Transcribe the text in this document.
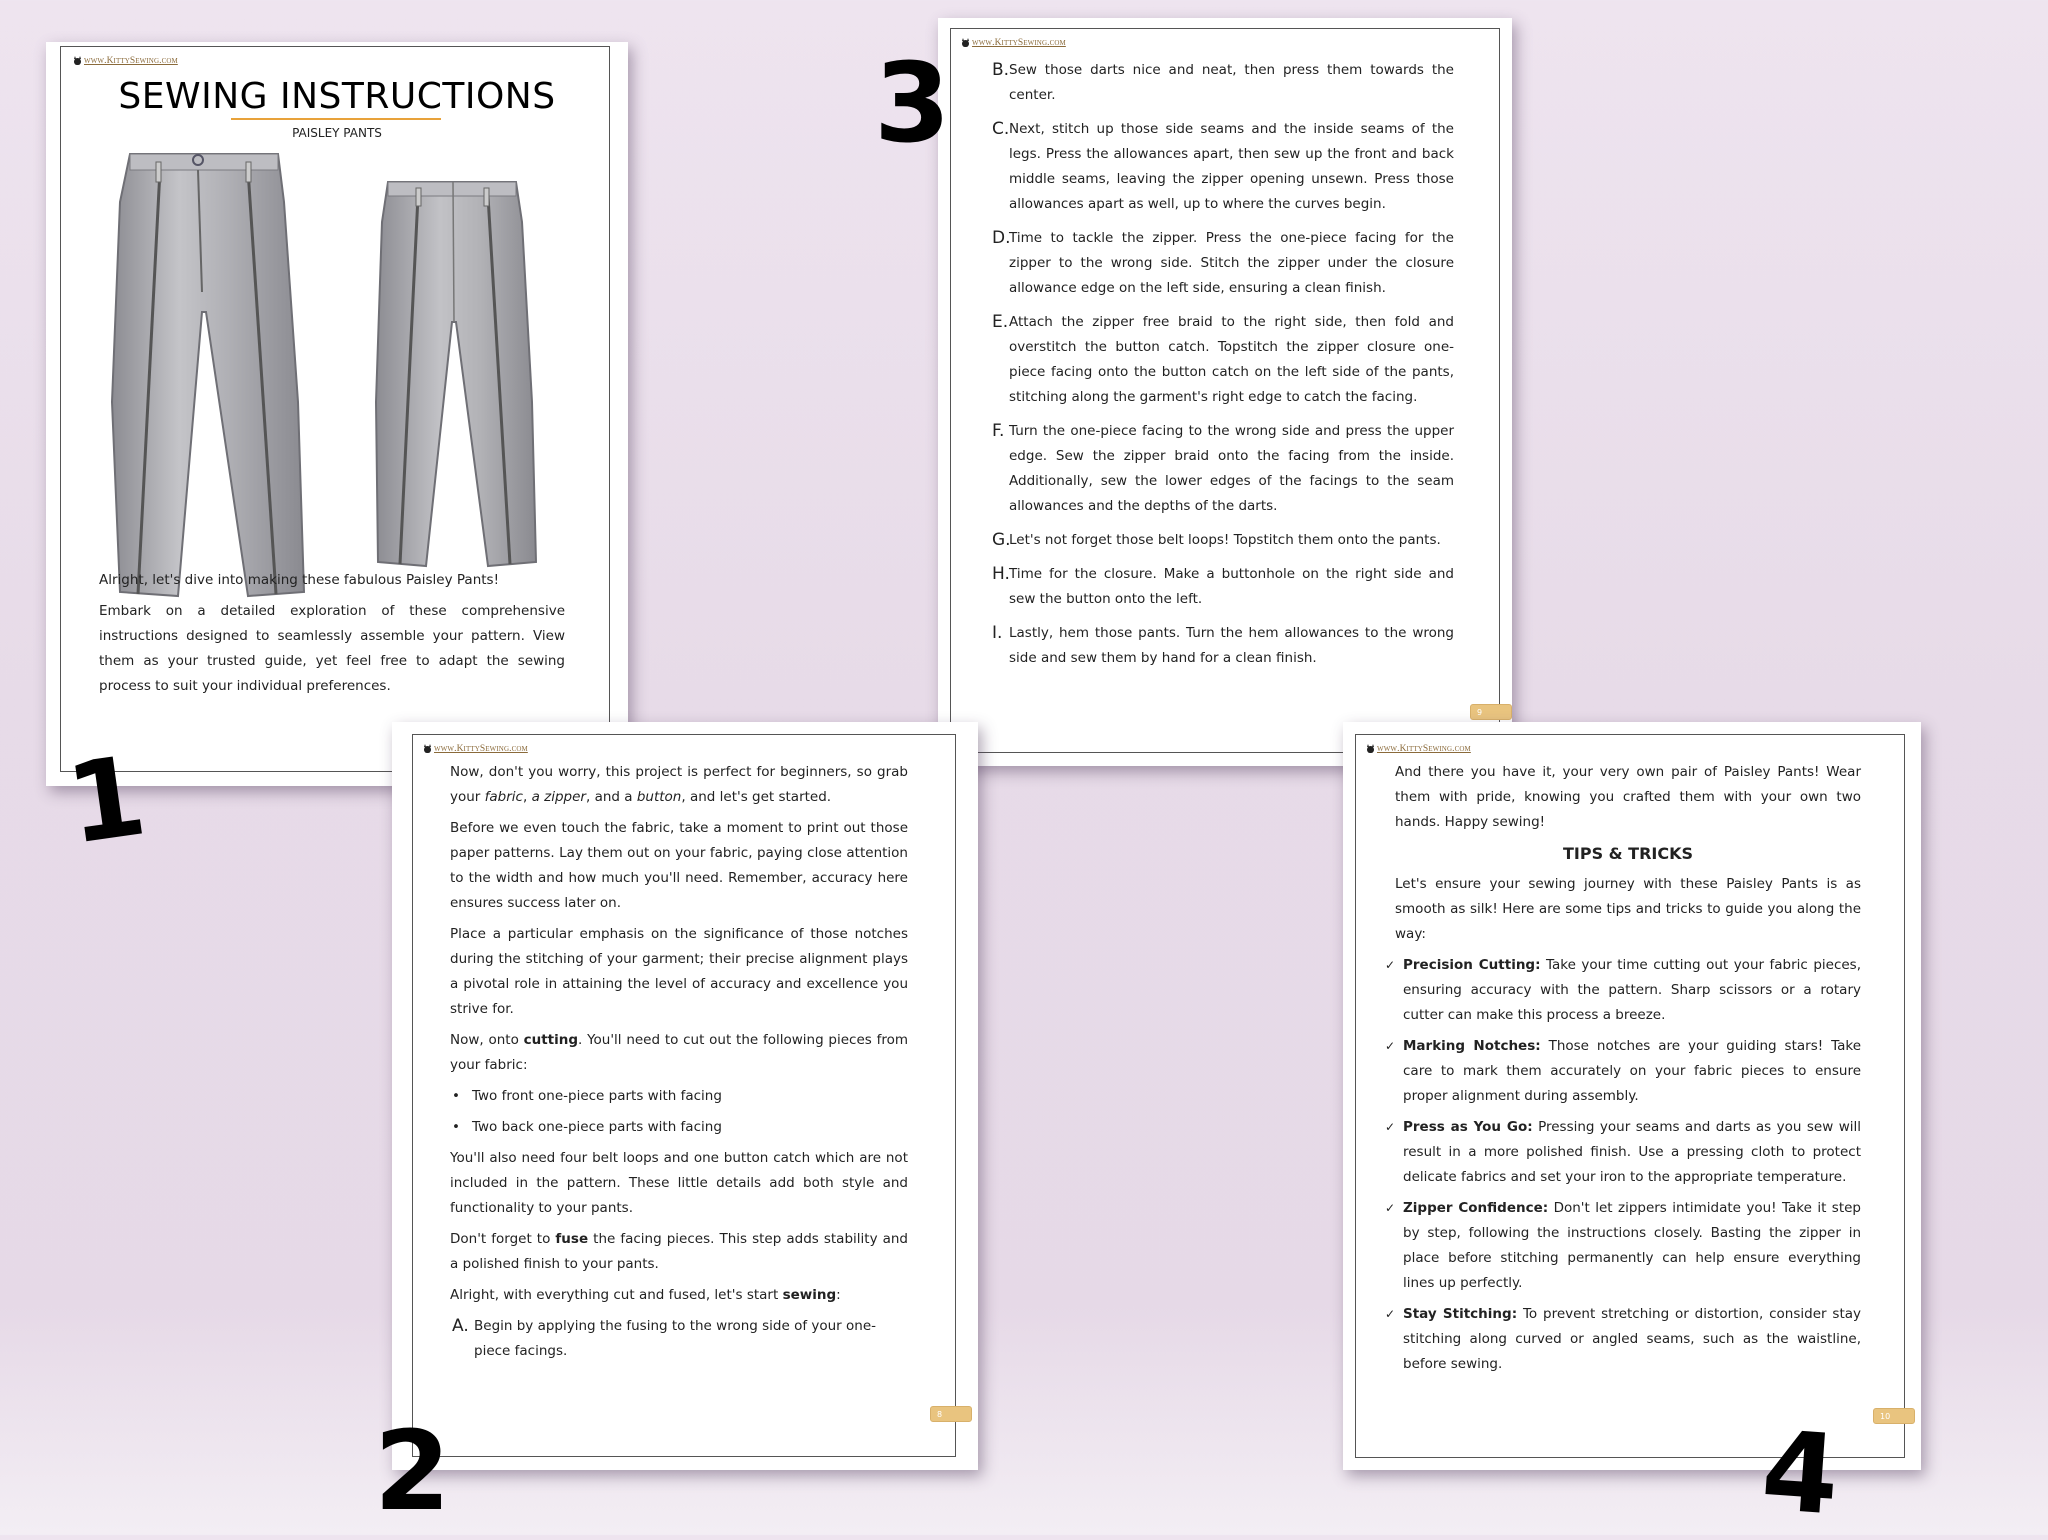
www.KittySewing.com
SEWING INSTRUCTIONS
PAISLEY PANTS

Alright, let's dive into making these fabulous Paisley Pants!

Embark on a detailed exploration of these comprehensive instructions designed to seamlessly assemble your pattern. View them as your trusted guide, yet feel free to adapt the sewing process to suit your individual preferences.

1
www.KittySewing.com
B. Sew those darts nice and neat, then press them towards the center.
C. Next, stitch up those side seams and the inside seams of the legs. Press the allowances apart, then sew up the front and back middle seams, leaving the zipper opening unsewn. Press those allowances apart as well, up to where the curves begin.
D.
Time to tackle the zipper. Press the one-piece facing for the zipper to the wrong side. Stitch the zipper under the closure allowance edge on the left side, ensuring a clean finish.
E. Attach the zipper free braid to the right side, then fold and overstitch the button catch. Topstitch the zipper closure one-piece facing onto the button catch on the left side of the pants, stitching along the garment's right edge to catch the facing.
F. Turn the one-piece facing to the wrong side and press the upper edge. Sew the zipper braid onto the facing from the inside. Additionally, sew the lower edges of the facings to the seam allowances and the depths of the darts.
G.
Let's not forget those belt loops! Topstitch them onto the pants.
H. Time for the closure. Make a buttonhole on the right side and sew the button onto the left.
I. Lastly, hem those pants. Turn the hem allowances to the wrong side and sew them by hand for a clean finish.
9
3
www.KittySewing.com

Now, don't you worry, this project is perfect for beginners, so grab your fabric, a zipper, and a button, and let's get started.

Before we even touch the fabric, take a moment to print out those paper patterns. Lay them out on your fabric, paying close attention to the width and how much you'll need. Remember, accuracy here ensures success later on.

Place a particular emphasis on the significance of those notches during the stitching of your garment; their precise alignment plays a pivotal role in attaining the level of accuracy and excellence you strive for.

Now, onto cutting. You'll need to cut out the following pieces from your fabric:

• Two front one-piece parts with facing
• Two back one-piece parts with facing

You'll also need four belt loops and one button catch which are not included in the pattern. These little details add both style and functionality to your pants.

Don't forget to fuse the facing pieces. This step adds stability and a polished finish to your pants.

Alright, with everything cut and fused, let's start sewing:

A. Begin by applying the fusing to the wrong side of your one-piece facings.
8
2
www.KittySewing.com

And there you have it, your very own pair of Paisley Pants! Wear them with pride, knowing you crafted them with your own two hands. Happy sewing!

TIPS & TRICKS

Let's ensure your sewing journey with these Paisley Pants is as smooth as silk! Here are some tips and tricks to guide you along the way:

✓ Precision Cutting: Take your time cutting out your fabric pieces, ensuring accuracy with the pattern. Sharp scissors or a rotary cutter can make this process a breeze.
✓ Marking Notches: Those notches are your guiding stars! Take care to mark them accurately on your fabric pieces to ensure proper alignment during assembly.
✓ Press as You Go: Pressing your seams and darts as you sew will result in a more polished finish. Use a pressing cloth to protect delicate fabrics and set your iron to the appropriate temperature.
✓ Zipper Confidence: Don't let zippers intimidate you! Take it step by step, following the instructions closely. Basting the zipper in place before stitching permanently can help ensure everything lines up perfectly.
✓ Stay Stitching: To prevent stretching or distortion, consider stay stitching along curved or angled seams, such as the waistline, before sewing.
10
4
